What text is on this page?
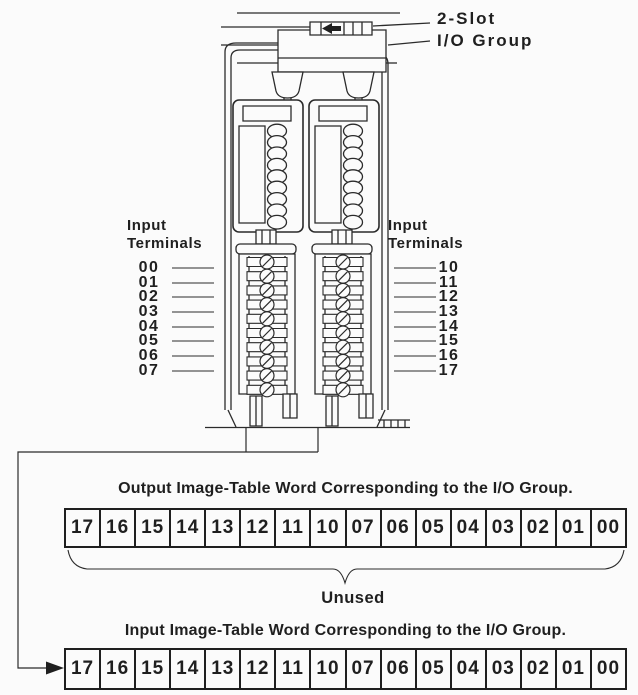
2-Slot
I/O Group
Input
Terminals
Input
Terminals
00
01
02
03
04
05
06
07
10
11
12
13
14
15
16
17
Output Image-Table Word Corresponding to the I/O Group.
17 16 15 14 13 12 11 10 07 06 05 04 03 02 01 00
Unused
Input Image-Table Word Corresponding to the I/O Group.
17 16 15 14 13 12 11 10 07 06 05 04 03 02 01 00
